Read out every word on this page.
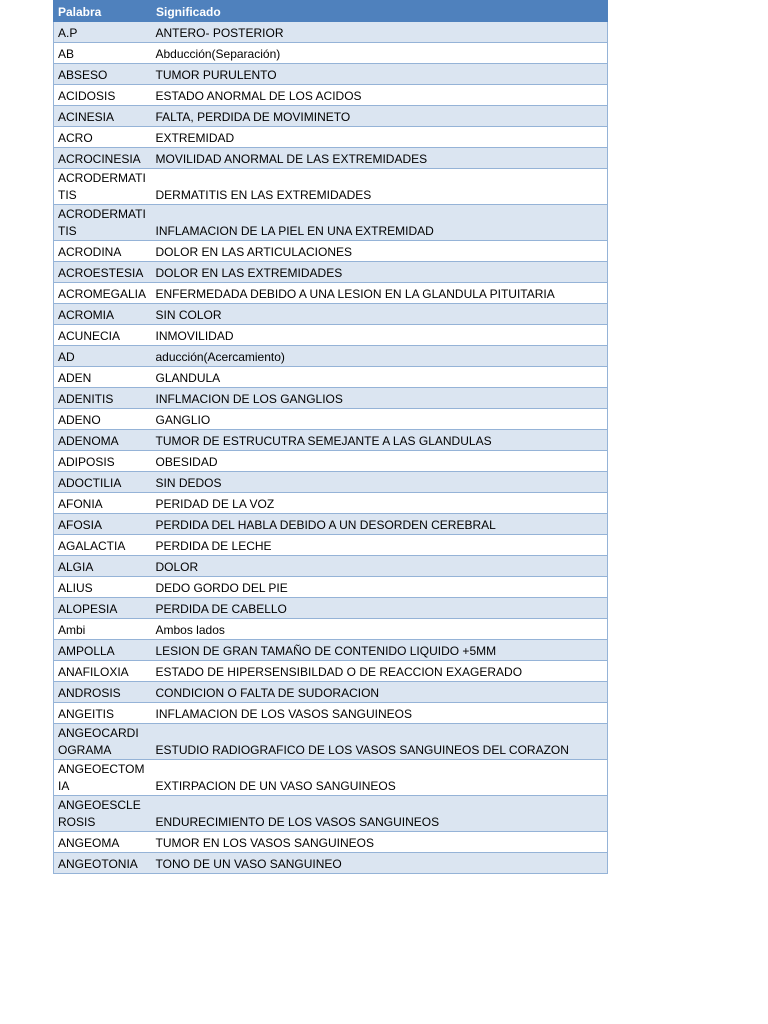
Palabra	Significado
A.P	ANTERO- POSTERIOR
AB	Abducción(Separación)
ABSESO	TUMOR PURULENTO
ACIDOSIS	ESTADO ANORMAL DE LOS ACIDOS
ACINESIA	FALTA, PERDIDA DE MOVIMINETO
ACRO	EXTREMIDAD
ACROCINESIA	MOVILIDAD ANORMAL DE LAS EXTREMIDADES
ACRODERMATITIS	DERMATITIS EN LAS EXTREMIDADES
ACRODERMATITIS	INFLAMACION DE LA PIEL EN UNA EXTREMIDAD
ACRODINA	DOLOR EN LAS ARTICULACIONES
ACROESTESIA	DOLOR EN LAS EXTREMIDADES
ACROMEGALIA	ENFERMEDADA DEBIDO A UNA LESION EN LA GLANDULA PITUITARIA
ACROMIA	SIN COLOR
ACUNECIA	INMOVILIDAD
AD	aducción(Acercamiento)
ADEN	GLANDULA
ADENITIS	INFLMACION DE LOS GANGLIOS
ADENO	GANGLIO
ADENOMA	TUMOR DE ESTRUCUTRA SEMEJANTE A LAS GLANDULAS
ADIPOSIS	OBESIDAD
ADOCTILIA	SIN DEDOS
AFONIA	PERIDAD DE LA VOZ
AFOSIA	PERDIDA DEL HABLA DEBIDO A UN DESORDEN CEREBRAL
AGALACTIA	PERDIDA DE LECHE
ALGIA	DOLOR
ALIUS	DEDO GORDO DEL PIE
ALOPESIA	PERDIDA DE CABELLO
Ambi	Ambos lados
AMPOLLA	LESION DE GRAN TAMAÑO DE CONTENIDO LIQUIDO +5MM
ANAFILOXIA	ESTADO DE HIPERSENSIBILDAD O DE REACCION EXAGERADO
ANDROSIS	CONDICION O FALTA DE SUDORACION
ANGEITIS	INFLAMACION DE LOS VASOS SANGUINEOS
ANGEOCARDIOGRAMA	ESTUDIO RADIOGRAFICO DE LOS VASOS SANGUINEOS DEL CORAZON
ANGEOECTOMIA	EXTIRPACION DE UN VASO SANGUINEOS
ANGEOESCLEROSIS	ENDURECIMIENTO DE LOS VASOS SANGUINEOS
ANGEOMA	TUMOR EN LOS VASOS SANGUINEOS
ANGEOTONIA	TONO DE UN VASO SANGUINEO
